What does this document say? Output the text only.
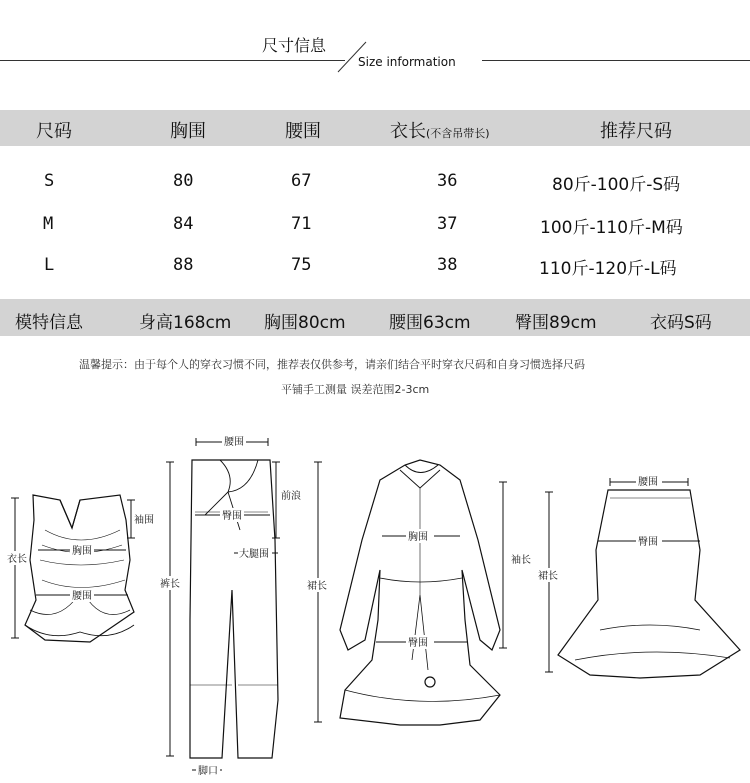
尺寸信息
Size information
尺码	胸围	腰围	衣长(不含吊带长)	推荐尺码
S	80	67	36	80斤-100斤-S码
M	84	71	37	100斤-110斤-M码
L	88	75	38	110斤-120斤-L码
模特信息	身高168cm 胸围80cm	腰围63cm	臀围89cm	衣码S码
温馨提示：由于每个人的穿衣习惯不同，推荐表仅供参考，请亲们结合平时穿衣尺码和自身习惯选择尺码
平铺手工测量 误差范围2-3cm
衣长
袖围
胸围
腰围
腰围
前浪
臀围
大腿围
裤长
脚口
胸围
袖长
裙长
臀围
腰围
臀围
裙长
